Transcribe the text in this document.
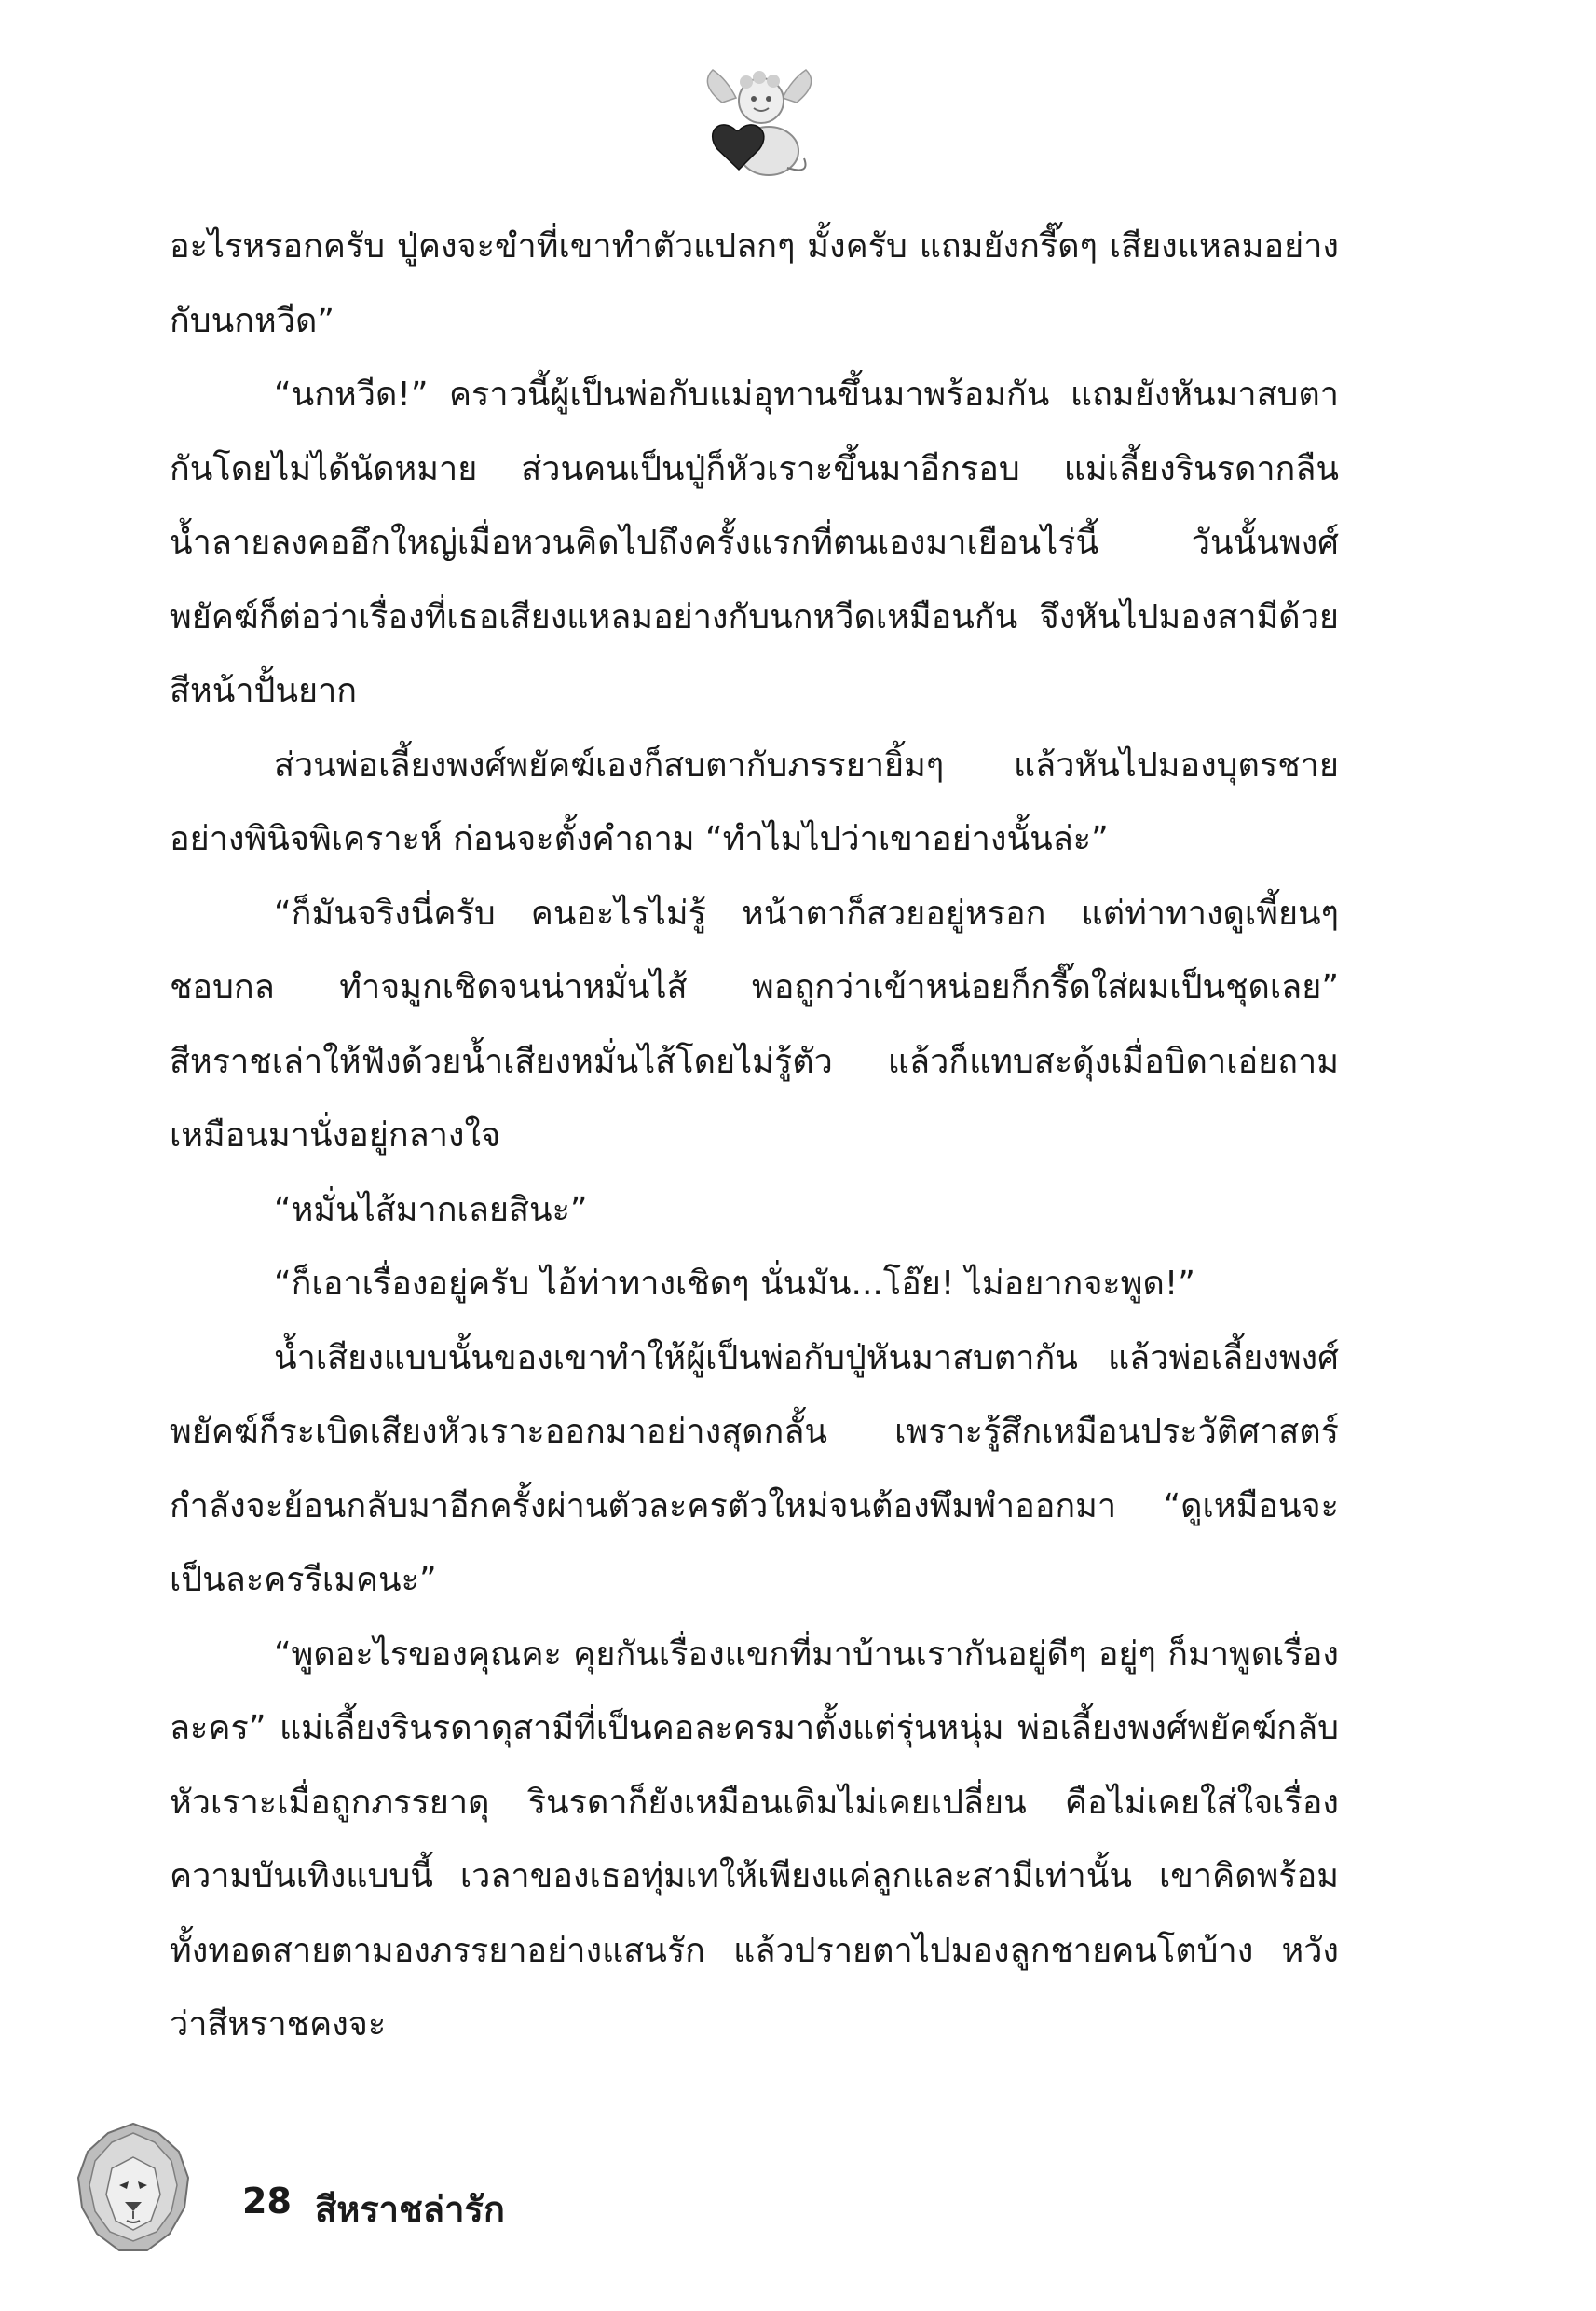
อะไรหรอกครับ ปู่คงจะขำที่เขาทำตัวแปลกๆ มั้งครับ แถมยังกรี๊ดๆ เสียงแหลมอย่างกับนกหวีด”

“นกหวีด!” คราวนี้ผู้เป็นพ่อกับแม่อุทานขึ้นมาพร้อมกัน แถมยังหันมาสบตากันโดยไม่ได้นัดหมาย ส่วนคนเป็นปู่ก็หัวเราะขึ้นมาอีกรอบ แม่เลี้ยงรินรดากลืนน้ำลายลงคออึกใหญ่เมื่อหวนคิดไปถึงครั้งแรกที่ตนเองมาเยือนไร่นี้ วันนั้นพงศ์พยัคฆ์ก็ต่อว่าเรื่องที่เธอเสียงแหลมอย่างกับนกหวีดเหมือนกัน จึงหันไปมองสามีด้วยสีหน้าปั้นยาก

ส่วนพ่อเลี้ยงพงศ์พยัคฆ์เองก็สบตากับภรรยายิ้มๆ แล้วหันไปมองบุตรชายอย่างพินิจพิเคราะห์ ก่อนจะตั้งคำถาม “ทำไมไปว่าเขาอย่างนั้นล่ะ”

“ก็มันจริงนี่ครับ คนอะไรไม่รู้ หน้าตาก็สวยอยู่หรอก แต่ท่าทางดูเพี้ยนๆ ชอบกล ทำจมูกเชิดจนน่าหมั่นไส้ พอถูกว่าเข้าหน่อยก็กรี๊ดใส่ผมเป็นชุดเลย” สีหราชเล่าให้ฟังด้วยน้ำเสียงหมั่นไส้โดยไม่รู้ตัว แล้วก็แทบสะดุ้งเมื่อบิดาเอ่ยถามเหมือนมานั่งอยู่กลางใจ

“หมั่นไส้มากเลยสินะ”

“ก็เอาเรื่องอยู่ครับ ไอ้ท่าทางเชิดๆ นั่นมัน...โอ๊ย! ไม่อยากจะพูด!”

น้ำเสียงแบบนั้นของเขาทำให้ผู้เป็นพ่อกับปู่หันมาสบตากัน แล้วพ่อเลี้ยงพงศ์พยัคฆ์ก็ระเบิดเสียงหัวเราะออกมาอย่างสุดกลั้น เพราะรู้สึกเหมือนประวัติศาสตร์กำลังจะย้อนกลับมาอีกครั้งผ่านตัวละครตัวใหม่จนต้องพึมพำออกมา “ดูเหมือนจะเป็นละครรีเมคนะ”

“พูดอะไรของคุณคะ คุยกันเรื่องแขกที่มาบ้านเรากันอยู่ดีๆ อยู่ๆ ก็มาพูดเรื่องละคร” แม่เลี้ยงรินรดาดุสามีที่เป็นคอละครมาตั้งแต่รุ่นหนุ่ม พ่อเลี้ยงพงศ์พยัคฆ์กลับหัวเราะเมื่อถูกภรรยาดุ รินรดาก็ยังเหมือนเดิมไม่เคยเปลี่ยน คือไม่เคยใส่ใจเรื่องความบันเทิงแบบนี้ เวลาของเธอทุ่มเทให้เพียงแค่ลูกและสามีเท่านั้น เขาคิดพร้อมทั้งทอดสายตามองภรรยาอย่างแสนรัก แล้วปรายตาไปมองลูกชายคนโตบ้าง หวังว่าสีหราชคงจะ

28 สีหราชล่ารัก
